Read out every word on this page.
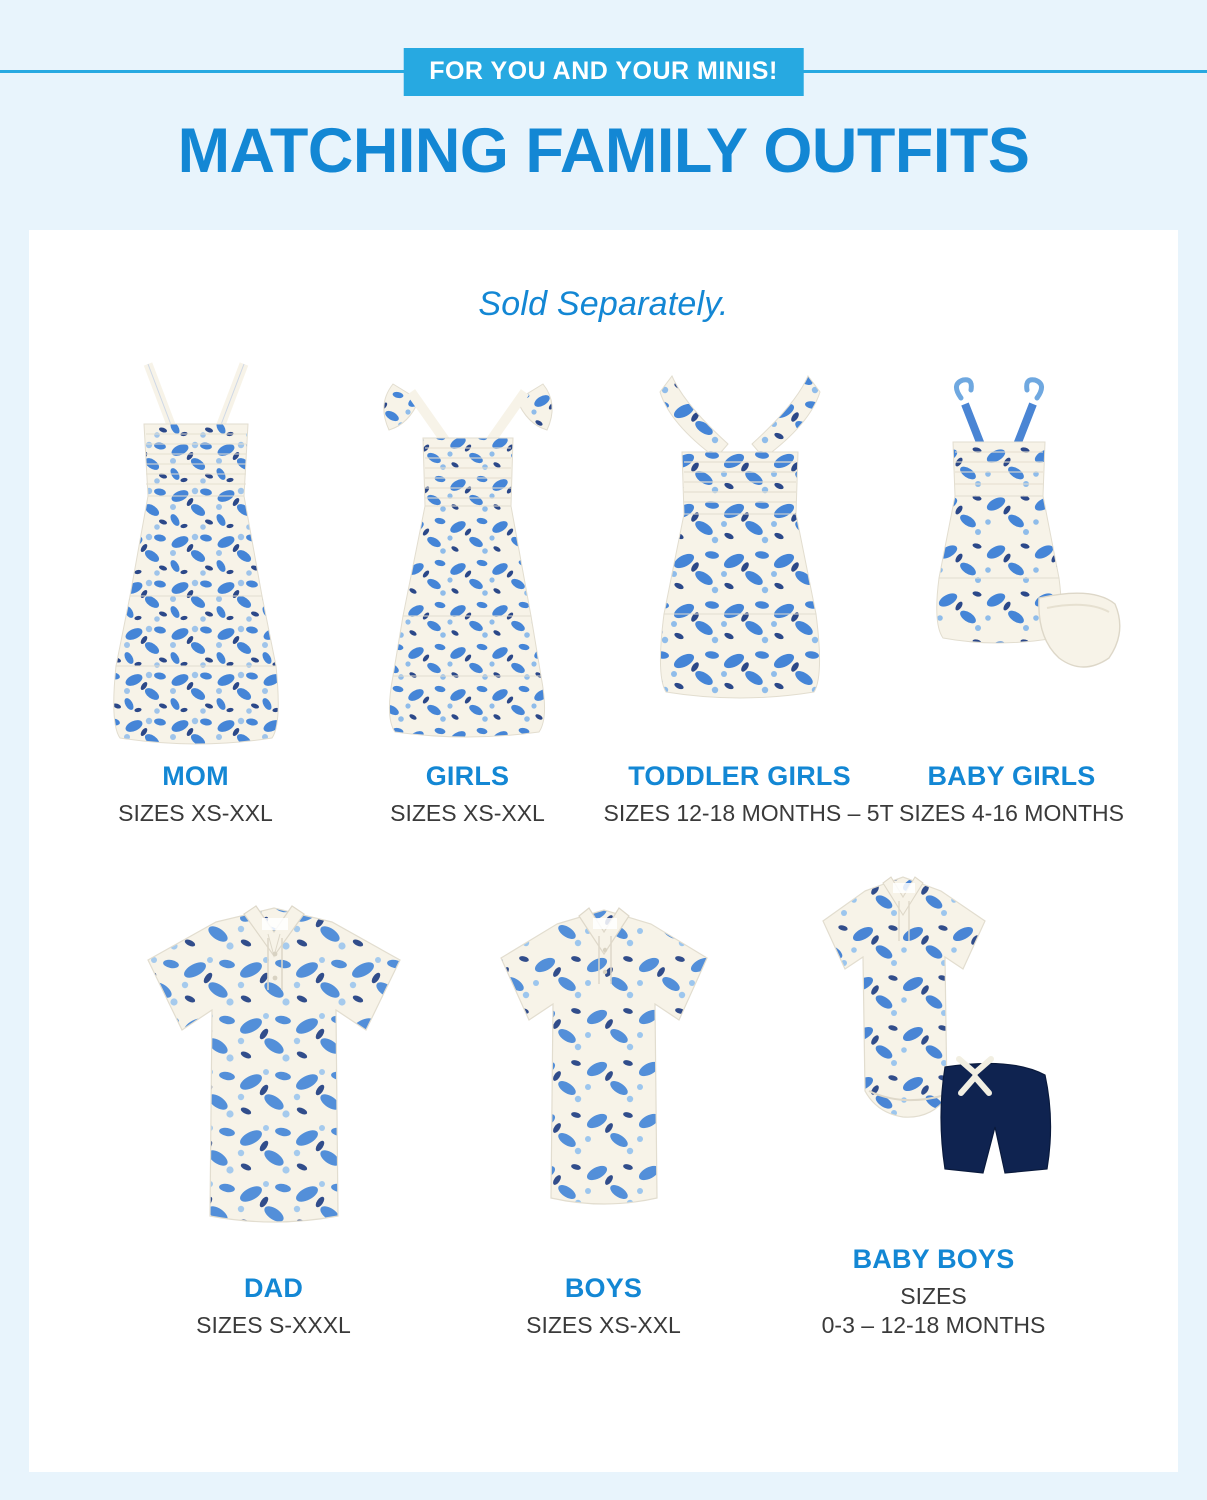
FOR YOU AND YOUR MINIS!
MATCHING FAMILY OUTFITS
Sold Separately.
MOM
SIZES XS-XXL
GIRLS
SIZES XS-XXL
TODDLER GIRLS
SIZES 12-18 MONTHS – 5T
BABY GIRLS
SIZES 4-16 MONTHS
DAD
SIZES S-XXXL
BOYS
SIZES XS-XXL
BABY BOYS
SIZES
0-3 – 12-18 MONTHS
